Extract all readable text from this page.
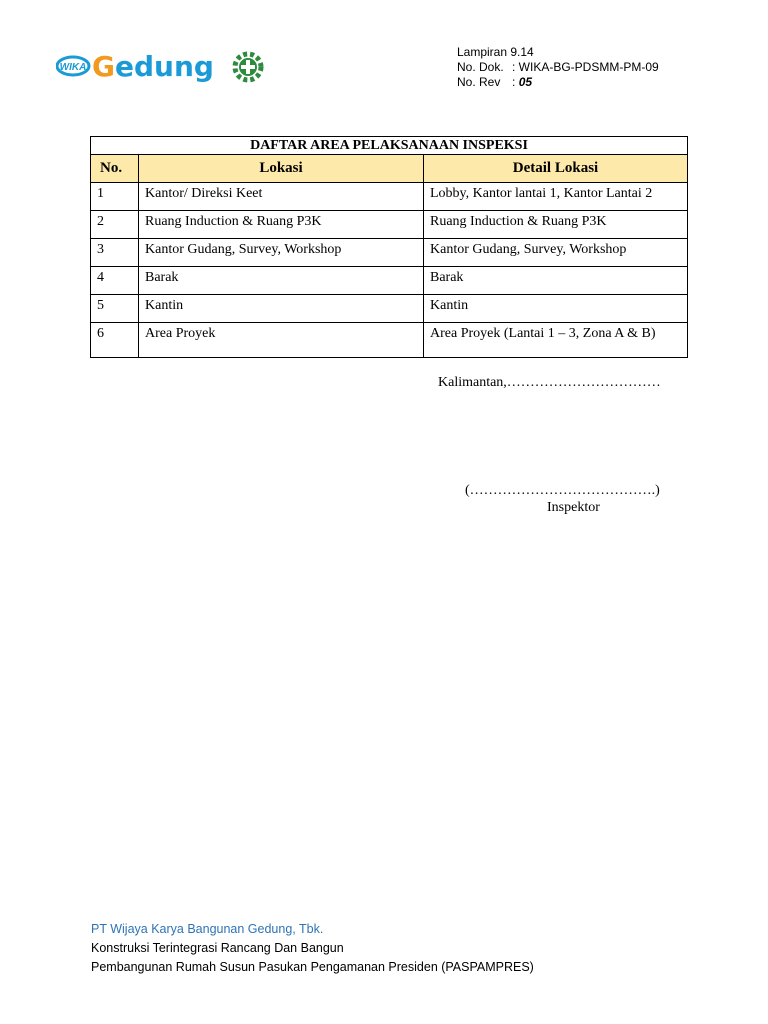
WIKA Gedung	Lampiran 9.14
No. Dok. : WIKA-BG-PDSMM-PM-09
No. Rev :
05
DAFTAR AREA PELAKSANAAN INSPEKSI		
No.	Lokasi	Detail Lokasi
1	Kantor/ Direksi Keet	Lobby, Kantor lantai 1, Kantor Lantai 2
2	Ruang Induction & Ruang P3K	Ruang Induction & Ruang P3K
3	Kantor Gudang, Survey, Workshop	Kantor Gudang, Survey, Workshop
4	Barak	Barak
5	Kantin	Kantin
6	Area Proyek	Area Proyek (Lantai 1 – 3, Zona A & B)
Kalimantan,……………………………
(………………………………….)
Inspektor
PT Wijaya Karya Bangunan Gedung, Tbk.
Konstruksi Terintegrasi Rancang Dan Bangun
Pembangunan Rumah Susun Pasukan Pengamanan Presiden (PASPAMPRES)
